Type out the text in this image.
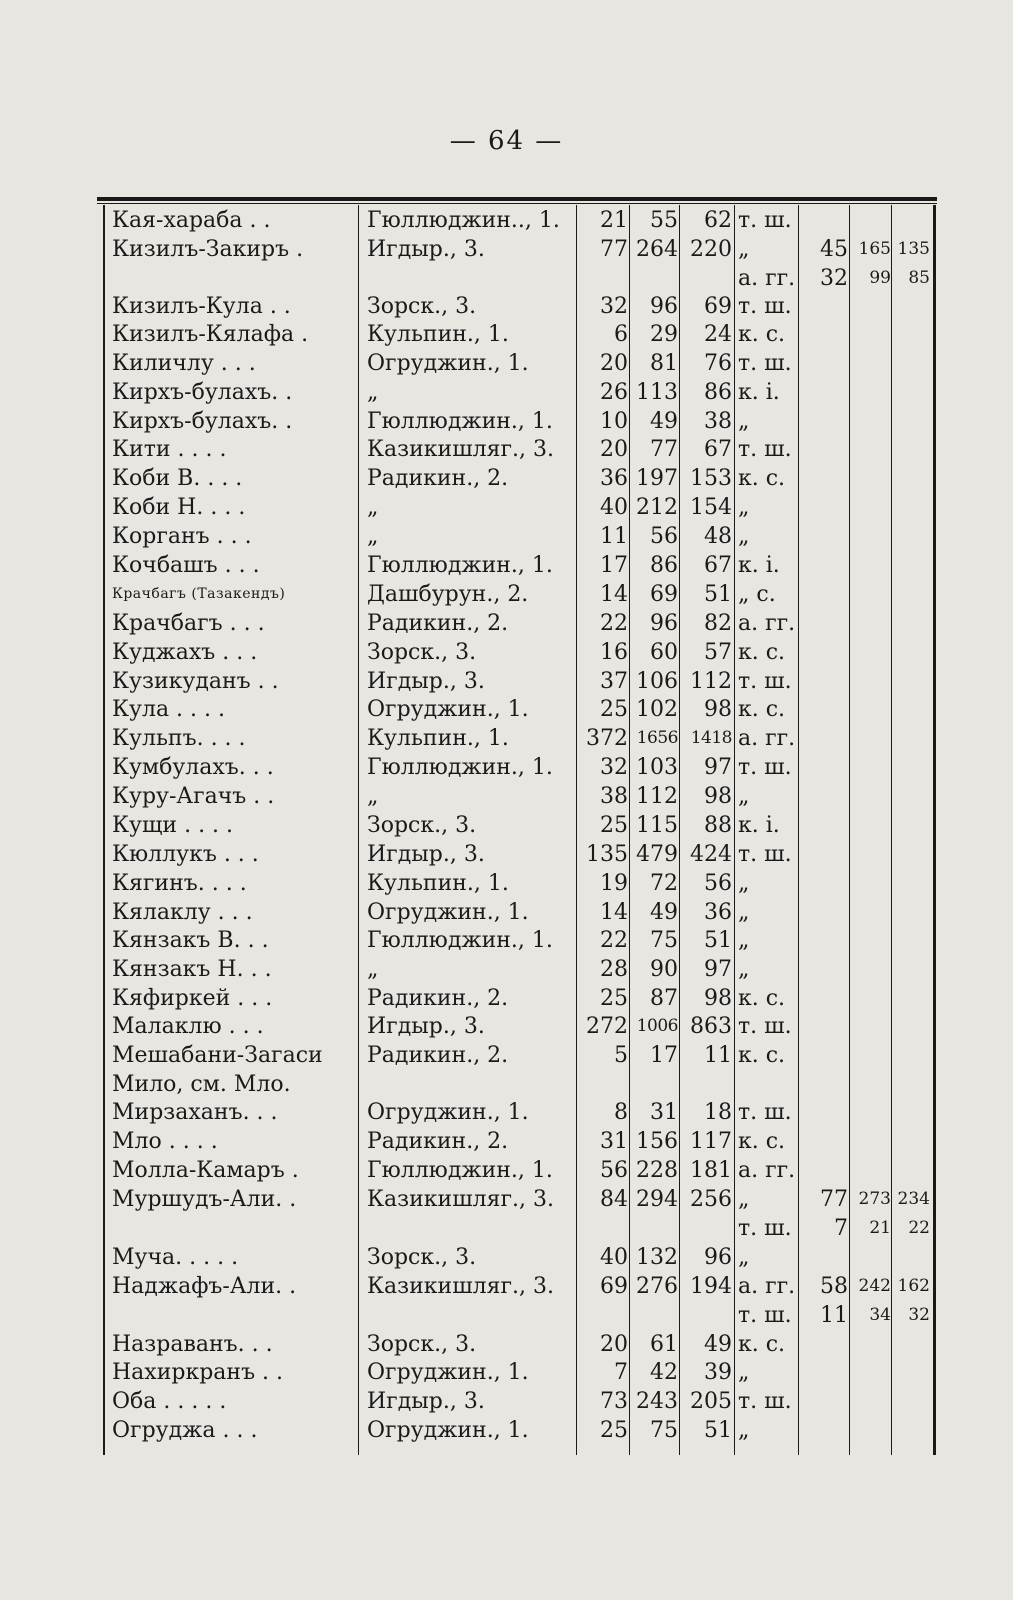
— 64 —
Кая-хараба . .	Гюллюджин.., 1.	21	55	62 т. ш.
Кизилъ-Закиръ .	Игдыр., 3.	77 264 220 „	45 165 135
а. гг.	32	99	85
Кизилъ-Кула . .	Зорск., 3.	32	96	69 т. ш.
Кизилъ-Кялафа .	Кульпин., 1.	6	29	24 к. с.
Киличлу . . .	Огруджин., 1.	20	81	76 т. ш.
Кирхъ-булахъ. .	„	26 113	86 к. i.
Кирхъ-булахъ. .	Гюллюджин., 1.	10	49	38 „
Кити . . . .	Казикишляг., 3.	20	77	67 т. ш.
Коби В. . . .	Радикин., 2.	36 197 153 к. с.
Коби Н. . . .	„	40 212 154 „
Корганъ . . .	„	11	56	48 „
Кочбашъ . . .	Гюллюджин., 1.	17	86	67 к. i.
Крачбагъ (Тазакендъ)	Дашбурун., 2.	14	69	51 „ с.
Крачбагъ . . .	Радикин., 2.	22	96	82 а. гг.
Куджахъ . . .	Зорск., 3.	16	60	57 к. с.
Кузикуданъ . .	Игдыр., 3.	37 106 112 т. ш.
Кула . . . .	Огруджин., 1.	25 102	98 к. с.
Кульпъ. . . .	Кульпин., 1.	372 1656 1418 а. гг.
Кумбулахъ. . .	Гюллюджин., 1.	32 103	97 т. ш.
Куру-Агачъ . .	„	38 112	98 „
Кущи . . . .	Зорск., 3.	25 115	88 к. i.
Кюллукъ . . .	Игдыр., 3.	135 479 424 т. ш.
Кягинъ. . . .	Кульпин., 1.	19	72	56 „
Кялаклу . . .	Огруджин., 1.	14	49	36 „
Кянзакъ В. . .	Гюллюджин., 1.	22	75	51 „
Кянзакъ Н. . .	„	28	90	97 „
Кяфиркей . . .	Радикин., 2.	25	87	98 к. с.
Малаклю . . .	Игдыр., 3.	272 1006 863 т. ш.
Мешабани-Загаси	Радикин., 2.	5	17	11 к. с.
Мило, см. Мло.
Мирзаханъ. . .	Огруджин., 1.	8	31	18 т. ш.
Мло . . . .	Радикин., 2.	31 156 117 к. с.
Молла-Камаръ .	Гюллюджин., 1.	56 228 181 а. гг.
Муршудъ-Али. .	Казикишляг., 3.	84 294 256 „	77 273 234
т. ш.	7	21	22
Муча. . . . .	Зорск., 3.	40 132	96 „
Наджафъ-Али. .	Казикишляг., 3.	69 276 194 а. гг.	58 242 162
т. ш.	11	34	32
Назраванъ. . .	Зорск., 3.	20	61	49 к. с.
Нахиркранъ . .	Огруджин., 1.	7	42	39 „
Оба . . . . .	Игдыр., 3.	73 243 205 т. ш.
Огруджа . . .	Огруджин., 1.	25	75	51 „
